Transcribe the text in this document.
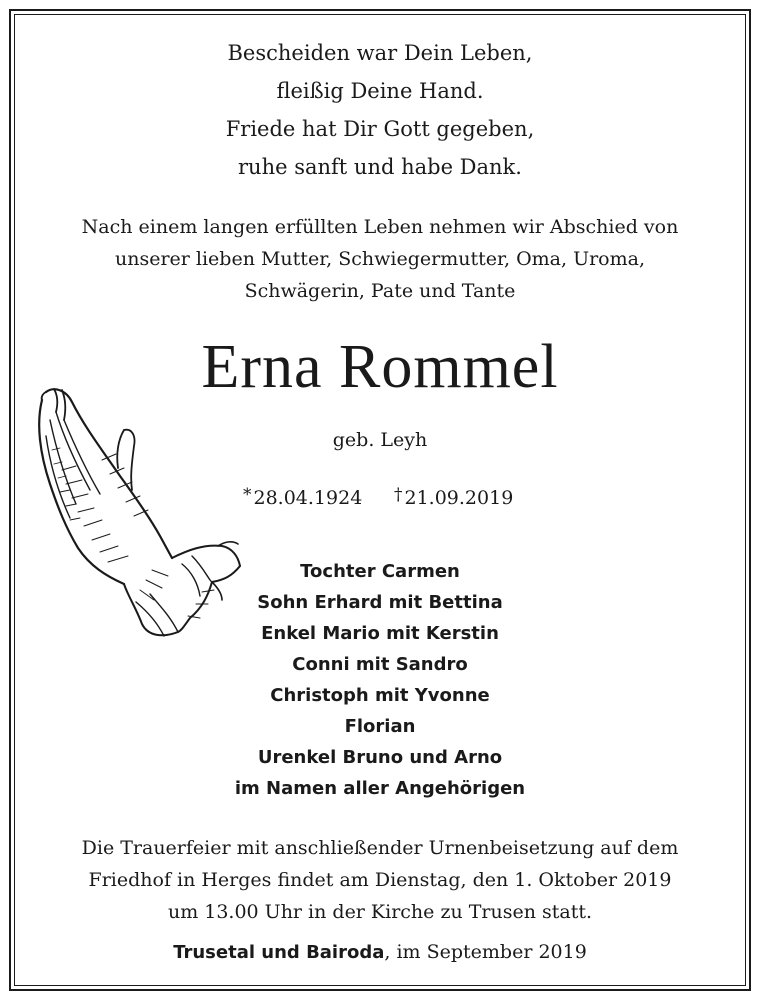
Bescheiden war Dein Leben,
fleißig Deine Hand.
Friede hat Dir Gott gegeben,
ruhe sanft und habe Dank.
Nach einem langen erfüllten Leben nehmen wir Abschied von
unserer lieben Mutter, Schwiegermutter, Oma, Uroma,
Schwägerin, Pate und Tante
Erna Rommel
geb. Leyh
* 28.04.1924 † 21.09.2019
Tochter Carmen
Sohn Erhard mit Bettina
Enkel Mario mit Kerstin
Conni mit Sandro
Christoph mit Yvonne
Florian
Urenkel Bruno und Arno
im Namen aller Angehörigen
Die Trauerfeier mit anschließender Urnenbeisetzung auf dem
Friedhof in Herges findet am Dienstag, den 1. Oktober 2019
um 13.00 Uhr in der Kirche zu Trusen statt.
Trusetal und Bairoda, im September 2019
